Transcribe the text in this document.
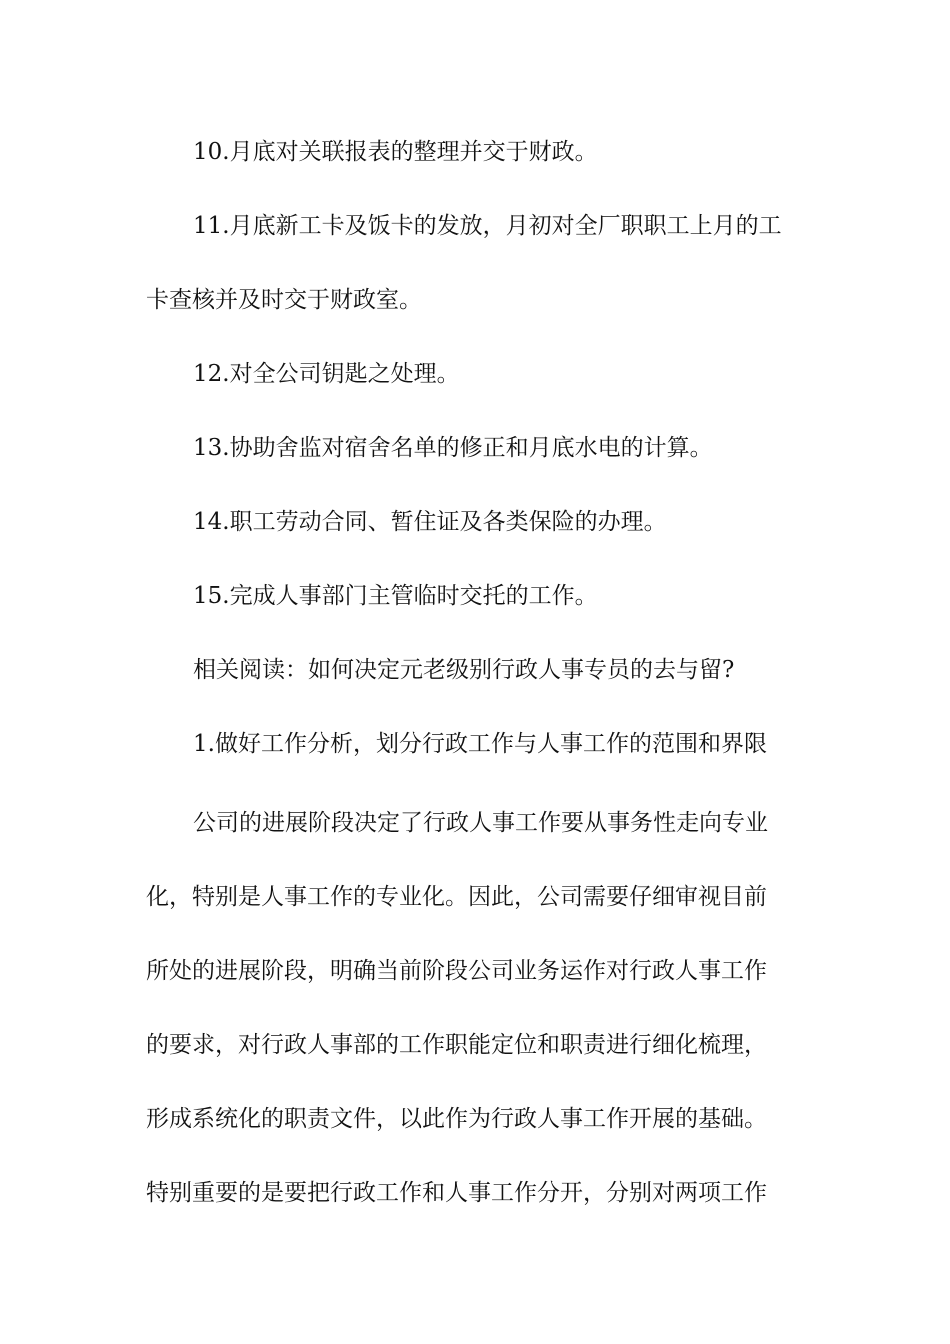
10.月底对关联报表的整理并交于财政。
11.月底新工卡及饭卡的发放，月初对全厂职职工上月的工
卡查核并及时交于财政室。
12.对全公司钥匙之处理。
13.协助舍监对宿舍名单的修正和月底水电的计算。
14.职工劳动合同、暂住证及各类保险的办理。
15.完成人事部门主管临时交托的工作。
相关阅读：如何决定元老级别行政人事专员的去与留?
1.做好工作分析，划分行政工作与人事工作的范围和界限
公司的进展阶段决定了行政人事工作要从事务性走向专业
化，特别是人事工作的专业化。因此，公司需要仔细审视目前
所处的进展阶段，明确当前阶段公司业务运作对行政人事工作
的要求，对行政人事部的工作职能定位和职责进行细化梳理，
形成系统化的职责文件，以此作为行政人事工作开展的基础。
特别重要的是要把行政工作和人事工作分开，分别对两项工作
